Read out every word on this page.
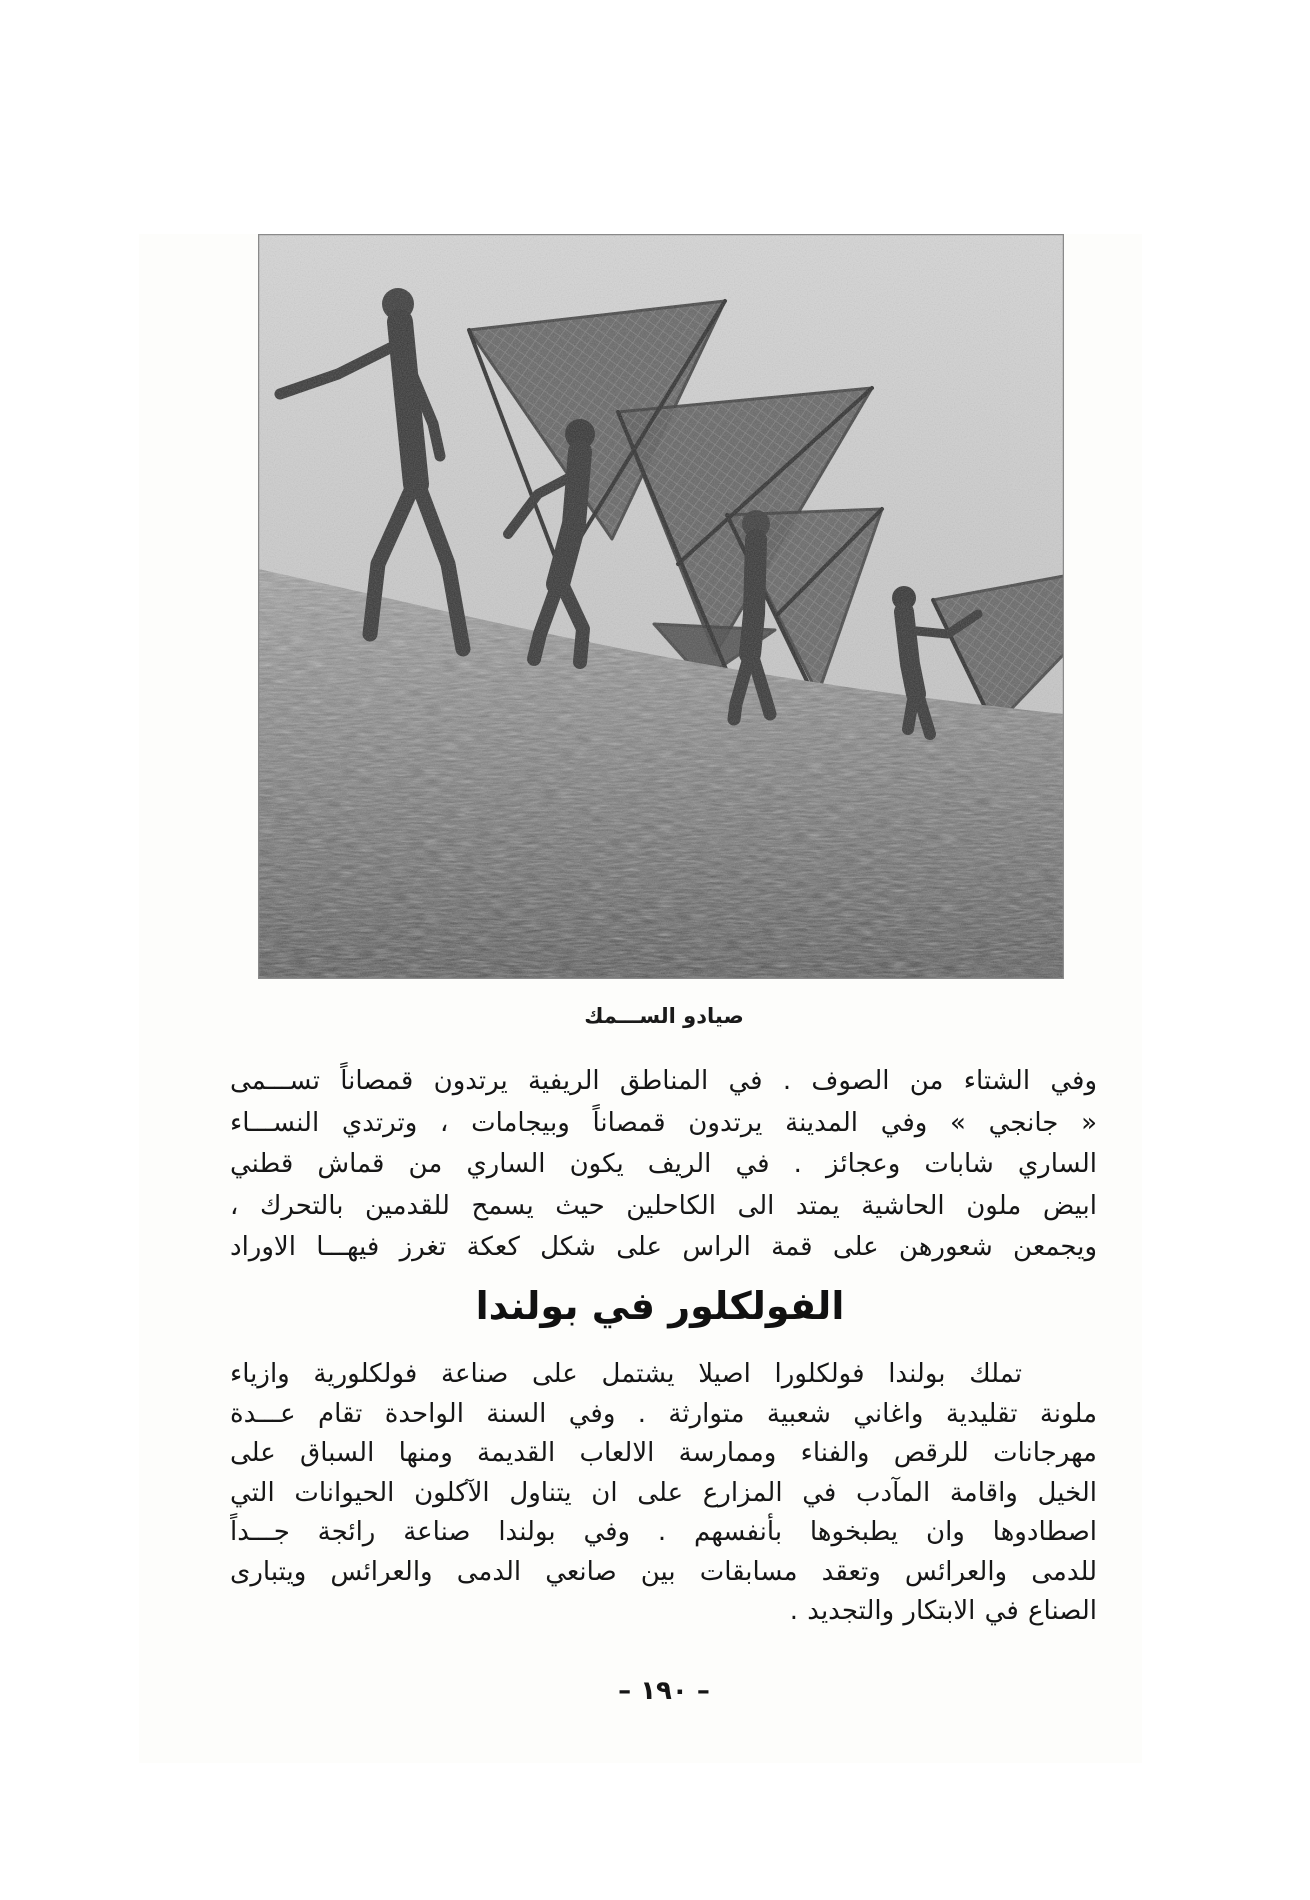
صيادو الســـمك
وفي الشتاء من الصوف . في المناطق الريفية يرتدون قمصاناً تســـمى
« جانجي » وفي المدينة يرتدون قمصاناً وبيجامات ، وترتدي النســـاء
الساري شابات وعجائز . في الريف يكون الساري من قماش قطني
ابيض ملون الحاشية يمتد الى الكاحلين حيث يسمح للقدمين بالتحرك ،
ويجمعن شعورهن على قمة الراس على شكل كعكة تغرز فيهـــا الاوراد
الفولكلور في بولندا
تملك بولندا فولكلورا اصيلا يشتمل على صناعة فولكلورية وازياء
ملونة تقليدية واغاني شعبية متوارثة . وفي السنة الواحدة تقام عـــدة
مهرجانات للرقص والفناء وممارسة الالعاب القديمة ومنها السباق على
الخيل واقامة المآدب في المزارع على ان يتناول الآكلون الحيوانات التي
اصطادوها وان يطبخوها بأنفسهم . وفي بولندا صناعة رائجة جـــداً
للدمى والعرائس وتعقد مسابقات بين صانعي الدمى والعرائس ويتبارى
الصناع في الابتكار والتجديد .
– ١٩٠ –
